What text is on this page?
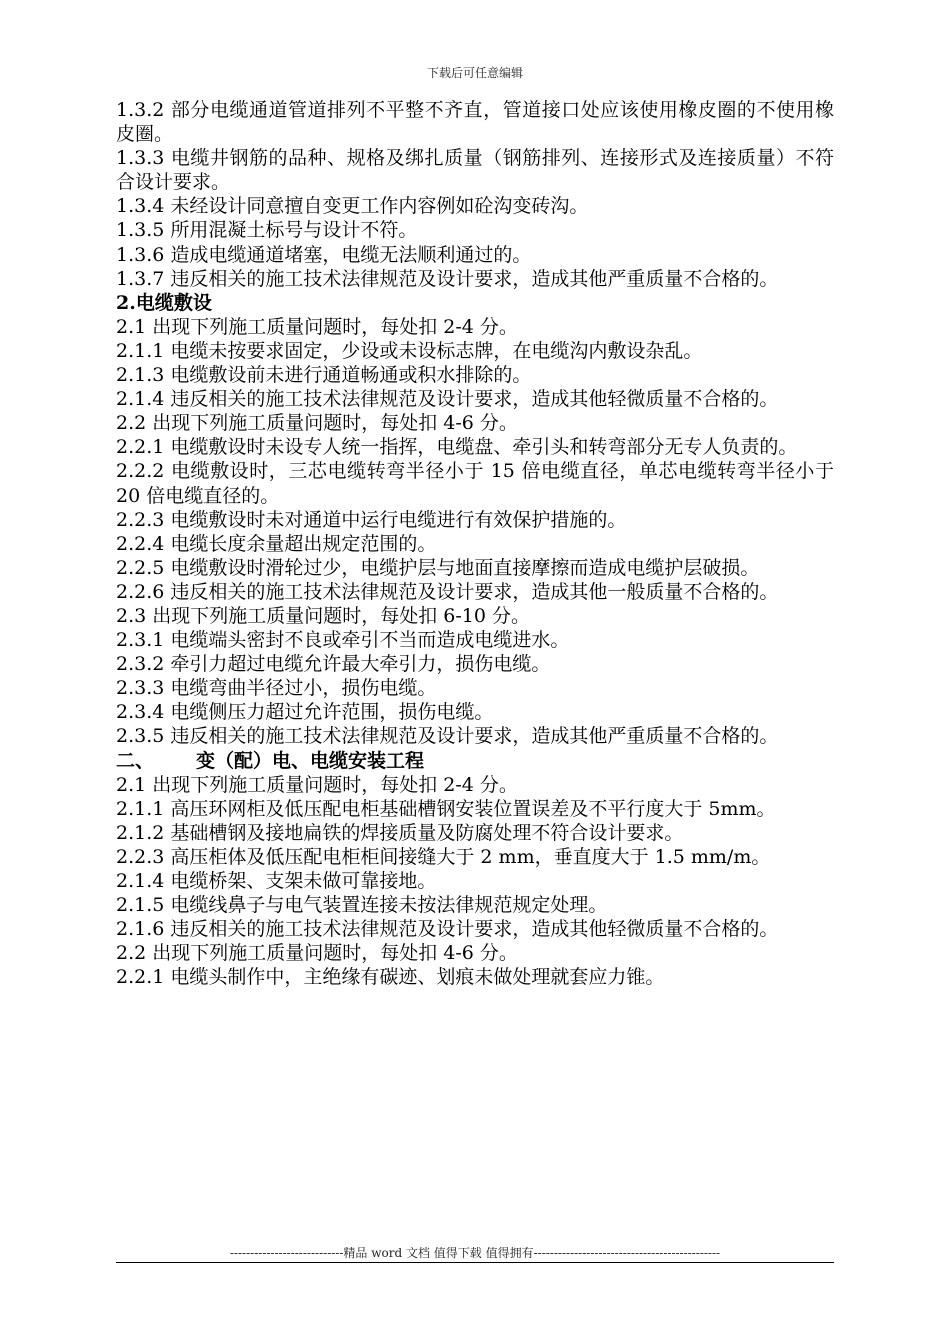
下载后可任意编辑

1.3.2 部分电缆通道管道排列不平整不齐直，管道接口处应该使用橡皮圈的不使用橡皮圈。

1.3.3 电缆井钢筋的品种、规格及绑扎质量（钢筋排列、连接形式及连接质量）不符合设计要求。

1.3.4 未经设计同意擅自变更工作内容例如砼沟变砖沟。

1.3.5 所用混凝土标号与设计不符。

1.3.6 造成电缆通道堵塞，电缆无法顺利通过的。

1.3.7 违反相关的施工技术法律规范及设计要求，造成其他严重质量不合格的。

2.电缆敷设

2.1 出现下列施工质量问题时，每处扣 2-4 分。

2.1.1 电缆未按要求固定，少设或未设标志牌，在电缆沟内敷设杂乱。

2.1.3 电缆敷设前未进行通道畅通或积水排除的。

2.1.4 违反相关的施工技术法律规范及设计要求，造成其他轻微质量不合格的。

2.2 出现下列施工质量问题时，每处扣 4-6 分。

2.2.1 电缆敷设时未设专人统一指挥，电缆盘、牵引头和转弯部分无专人负责的。

2.2.2 电缆敷设时，三芯电缆转弯半径小于 15 倍电缆直径，单芯电缆转弯半径小于 20 倍电缆直径的。

2.2.3 电缆敷设时未对通道中运行电缆进行有效保护措施的。

2.2.4 电缆长度余量超出规定范围的。

2.2.5 电缆敷设时滑轮过少，电缆护层与地面直接摩擦而造成电缆护层破损。

2.2.6 违反相关的施工技术法律规范及设计要求，造成其他一般质量不合格的。

2.3 出现下列施工质量问题时，每处扣 6-10 分。

2.3.1 电缆端头密封不良或牵引不当而造成电缆进水。

2.3.2 牵引力超过电缆允许最大牵引力，损伤电缆。

2.3.3 电缆弯曲半径过小，损伤电缆。

2.3.4 电缆侧压力超过允许范围，损伤电缆。

2.3.5 违反相关的施工技术法律规范及设计要求，造成其他严重质量不合格的。

二、 变（配）电、电缆安装工程

2.1 出现下列施工质量问题时，每处扣 2-4 分。

2.1.1 高压环网柜及低压配电柜基础槽钢安装位置误差及不平行度大于 5mm。

2.1.2 基础槽钢及接地扁铁的焊接质量及防腐处理不符合设计要求。

2.2.3 高压柜体及低压配电柜柜间接缝大于 2 mm，垂直度大于 1.5 mm/m。

2.1.4 电缆桥架、支架未做可靠接地。

2.1.5 电缆线鼻子与电气装置连接未按法律规范规定处理。

2.1.6 违反相关的施工技术法律规范及设计要求，造成其他轻微质量不合格的。

2.2 出现下列施工质量问题时，每处扣 4-6 分。

2.2.1 电缆头制作中，主绝缘有碳迹、划痕未做处理就套应力锥。

----------------------------精品 word 文档 值得下载 值得拥有----------------------------------------------
